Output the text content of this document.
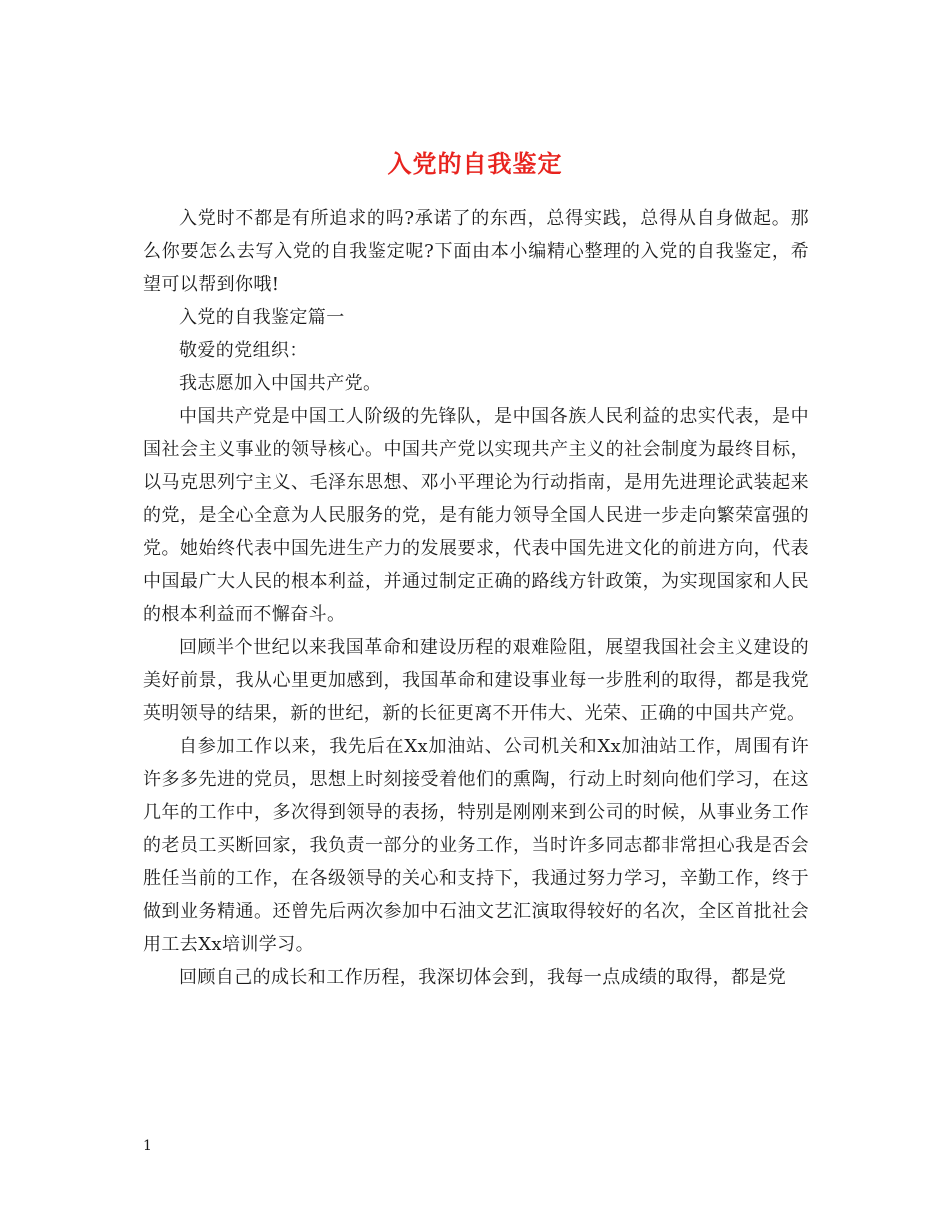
入党的自我鉴定

入党时不都是有所追求的吗?承诺了的东西，总得实践，总得从自身做起。那么你要怎么去写入党的自我鉴定呢?下面由本小编精心整理的入党的自我鉴定，希望可以帮到你哦!

入党的自我鉴定篇一

敬爱的党组织：

我志愿加入中国共产党。

中国共产党是中国工人阶级的先锋队，是中国各族人民利益的忠实代表，是中国社会主义事业的领导核心。中国共产党以实现共产主义的社会制度为最终目标，以马克思列宁主义、毛泽东思想、邓小平理论为行动指南，是用先进理论武装起来的党，是全心全意为人民服务的党，是有能力领导全国人民进一步走向繁荣富强的党。她始终代表中国先进生产力的发展要求，代表中国先进文化的前进方向，代表中国最广大人民的根本利益，并通过制定正确的路线方针政策，为实现国家和人民的根本利益而不懈奋斗。

回顾半个世纪以来我国革命和建设历程的艰难险阻，展望我国社会主义建设的美好前景，我从心里更加感到，我国革命和建设事业每一步胜利的取得，都是我党英明领导的结果，新的世纪，新的长征更离不开伟大、光荣、正确的中国共产党。

自参加工作以来，我先后在Xx加油站、公司机关和Xx加油站工作，周围有许许多多先进的党员，思想上时刻接受着他们的熏陶，行动上时刻向他们学习，在这几年的工作中，多次得到领导的表扬，特别是刚刚来到公司的时候，从事业务工作的老员工买断回家，我负责一部分的业务工作，当时许多同志都非常担心我是否会胜任当前的工作，在各级领导的关心和支持下，我通过努力学习，辛勤工作，终于做到业务精通。还曾先后两次参加中石油文艺汇演取得较好的名次，全区首批社会用工去Xx培训学习。

回顾自己的成长和工作历程，我深切体会到，我每一点成绩的取得，都是党

1
